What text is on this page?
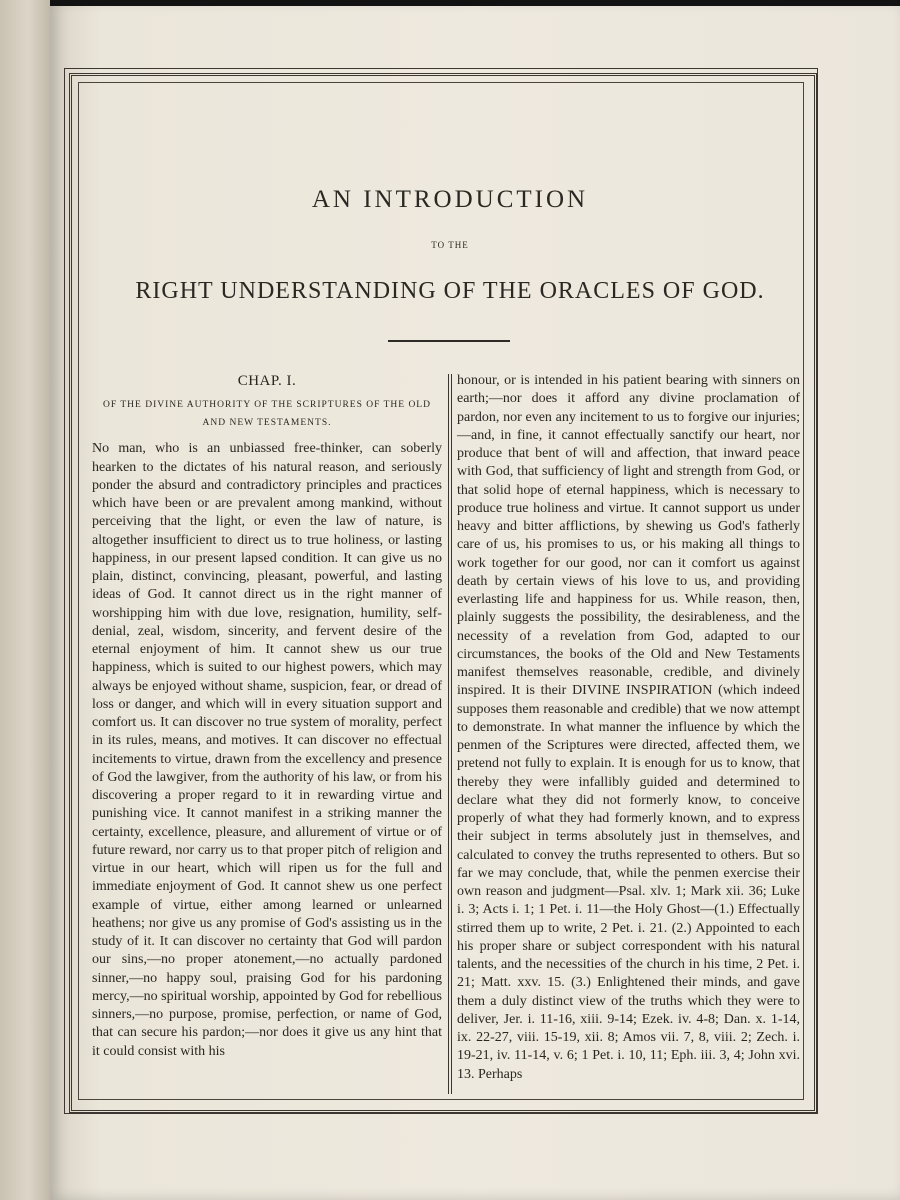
AN INTRODUCTION
TO THE
RIGHT UNDERSTANDING OF THE ORACLES OF GOD.

CHAP. I.

OF THE DIVINE AUTHORITY OF THE SCRIPTURES OF THE OLD AND NEW TESTAMENTS.

No man, who is an unbiassed free-thinker, can soberly hearken to the dictates of his natural reason, and seriously ponder the absurd and contradictory principles and practices which have been or are prevalent among mankind, without perceiving that the light, or even the law of nature, is altogether insufficient to direct us to true holiness, or lasting happiness, in our present lapsed condition. It can give us no plain, distinct, convincing, pleasant, powerful, and lasting ideas of God. It cannot direct us in the right manner of worshipping him with due love, resignation, humility, self-denial, zeal, wisdom, sincerity, and fervent desire of the eternal enjoyment of him. It cannot shew us our true happiness, which is suited to our highest powers, which may always be enjoyed without shame, suspicion, fear, or dread of loss or danger, and which will in every situation support and comfort us. It can discover no true system of morality, perfect in its rules, means, and motives. It can discover no effectual incitements to virtue, drawn from the excellency and presence of God the lawgiver, from the authority of his law, or from his discovering a proper regard to it in rewarding virtue and punishing vice. It cannot manifest in a striking manner the certainty, excellence, pleasure, and allurement of virtue or of future reward, nor carry us to that proper pitch of religion and virtue in our heart, which will ripen us for the full and immediate enjoyment of God. It cannot shew us one perfect example of virtue, either among learned or unlearned heathens; nor give us any promise of God's assisting us in the study of it. It can discover no certainty that God will pardon our sins,—no proper atonement,—no actually pardoned sinner,—no happy soul, praising God for his pardoning mercy,—no spiritual worship, appointed by God for rebellious sinners,—no purpose, promise, perfection, or name of God, that can secure his pardon;—nor does it give us any hint that it could consist with his

honour, or is intended in his patient bearing with sinners on earth;—nor does it afford any divine proclamation of pardon, nor even any incitement to us to forgive our injuries;—and, in fine, it cannot effectually sanctify our heart, nor produce that bent of will and affection, that inward peace with God, that sufficiency of light and strength from God, or that solid hope of eternal happiness, which is necessary to produce true holiness and virtue. It cannot support us under heavy and bitter afflictions, by shewing us God's fatherly care of us, his promises to us, or his making all things to work together for our good, nor can it comfort us against death by certain views of his love to us, and providing everlasting life and happiness for us. While reason, then, plainly suggests the possibility, the desirableness, and the necessity of a revelation from God, adapted to our circumstances, the books of the Old and New Testaments manifest themselves reasonable, credible, and divinely inspired. It is their DIVINE INSPIRATION (which indeed supposes them reasonable and credible) that we now attempt to demonstrate. In what manner the influence by which the penmen of the Scriptures were directed, affected them, we pretend not fully to explain. It is enough for us to know, that thereby they were infallibly guided and determined to declare what they did not formerly know, to conceive properly of what they had formerly known, and to express their subject in terms absolutely just in themselves, and calculated to convey the truths represented to others. But so far we may conclude, that, while the penmen exercise their own reason and judgment—Psal. xlv. 1; Mark xii. 36; Luke i. 3; Acts i. 1; 1 Pet. i. 11—the Holy Ghost—(1.) Effectually stirred them up to write, 2 Pet. i. 21. (2.) Appointed to each his proper share or subject correspondent with his natural talents, and the necessities of the church in his time, 2 Pet. i. 21; Matt. xxv. 15. (3.) Enlightened their minds, and gave them a duly distinct view of the truths which they were to deliver, Jer. i. 11-16, xiii. 9-14; Ezek. iv. 4-8; Dan. x. 1-14, ix. 22-27, viii. 15-19, xii. 8; Amos vii. 7, 8, viii. 2; Zech. i. 19-21, iv. 11-14, v. 6; 1 Pet. i. 10, 11; Eph. iii. 3, 4; John xvi. 13. Perhaps
